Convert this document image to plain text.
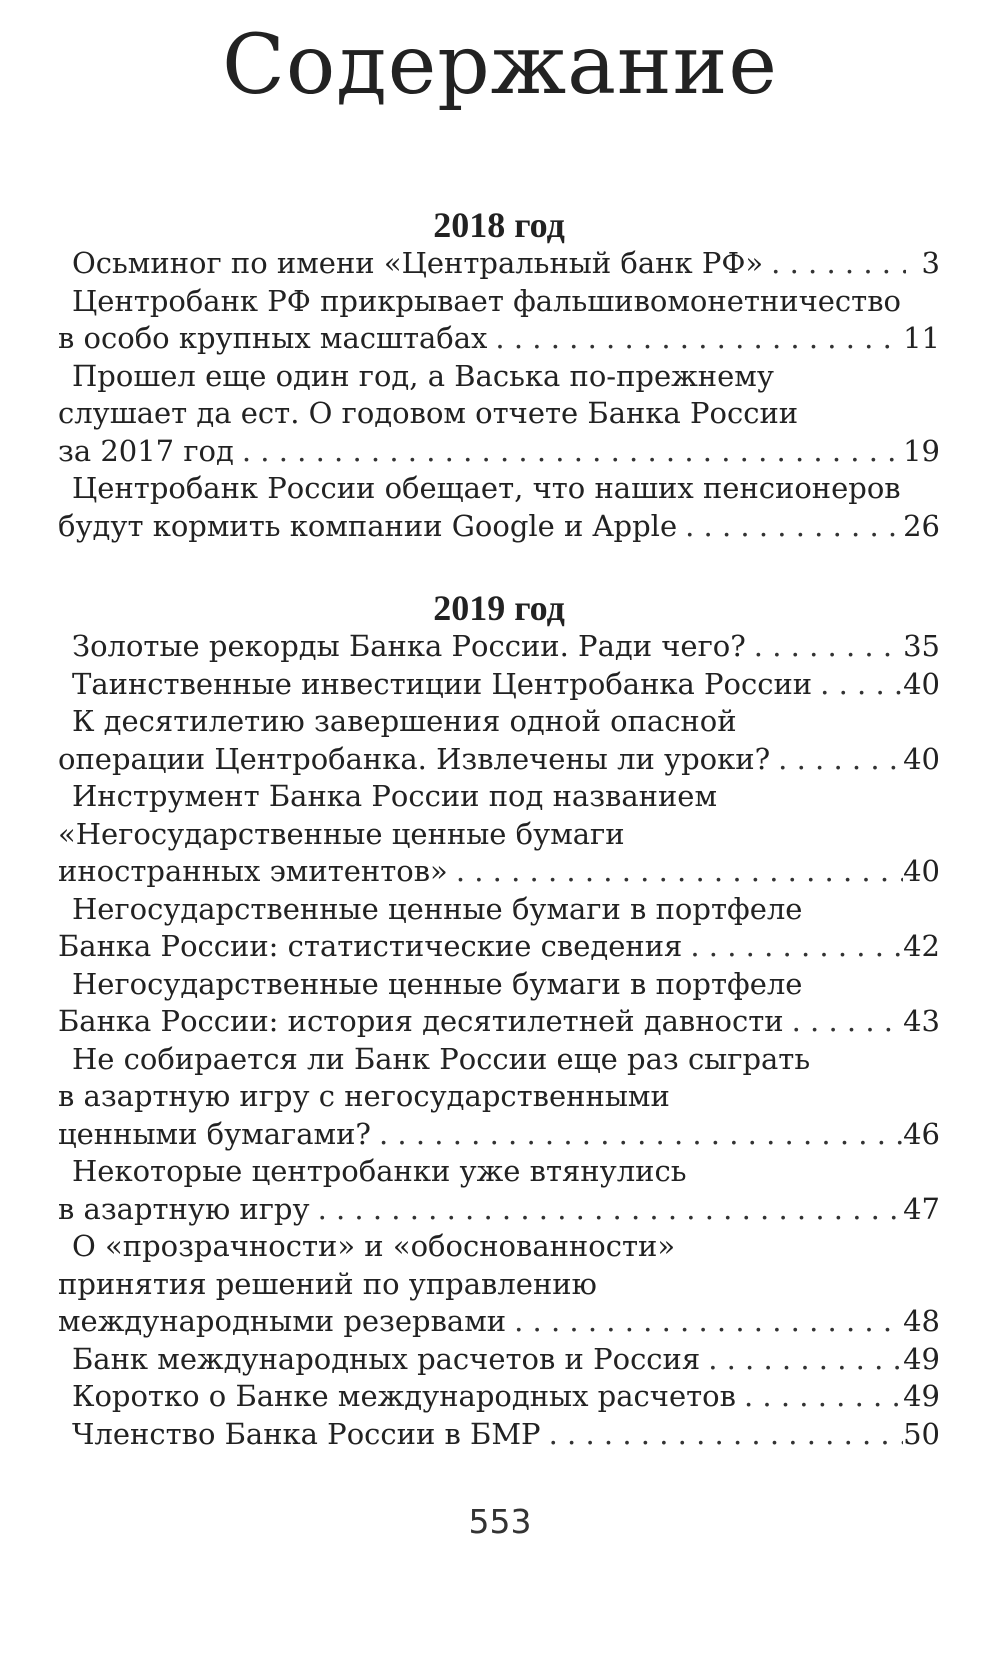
Содержание
2018 год
Осьминог по имени «Центральный банк РФ» . . .	3
Центробанк РФ прикрывает фальшивомонетничество
в особо крупных масштабах . . .	11
Прошел еще один год, а Васька по-прежнему
слушает да ест. О годовом отчете Банка России
за 2017 год . . .	19
Центробанк России обещает, что наших пенсионеров
будут кормить компании Google и Apple . . .	26
2019 год
Золотые рекорды Банка России. Ради чего? . . .	35
Таинственные инвестиции Центробанка России . . .	40
К десятилетию завершения одной опасной
операции Центробанка. Извлечены ли уроки? . . .	40
Инструмент Банка России под названием
«Негосударственные ценные бумаги
иностранных эмитентов» . . .	40
Негосударственные ценные бумаги в портфеле
Банка России: статистические сведения . . .	42
Негосударственные ценные бумаги в портфеле
Банка России: история десятилетней давности . . .	43
Не собирается ли Банк России еще раз сыграть
в азартную игру с негосударственными
ценными бумагами? . . .	46
Некоторые центробанки уже втянулись
в азартную игру . . .	47
О «прозрачности» и «обоснованности»
принятия решений по управлению
международными резервами . . .	48
Банк международных расчетов и Россия . . .	49
Коротко о Банке международных расчетов . . .	49
Членство Банка России в БМР . . .	50
553
